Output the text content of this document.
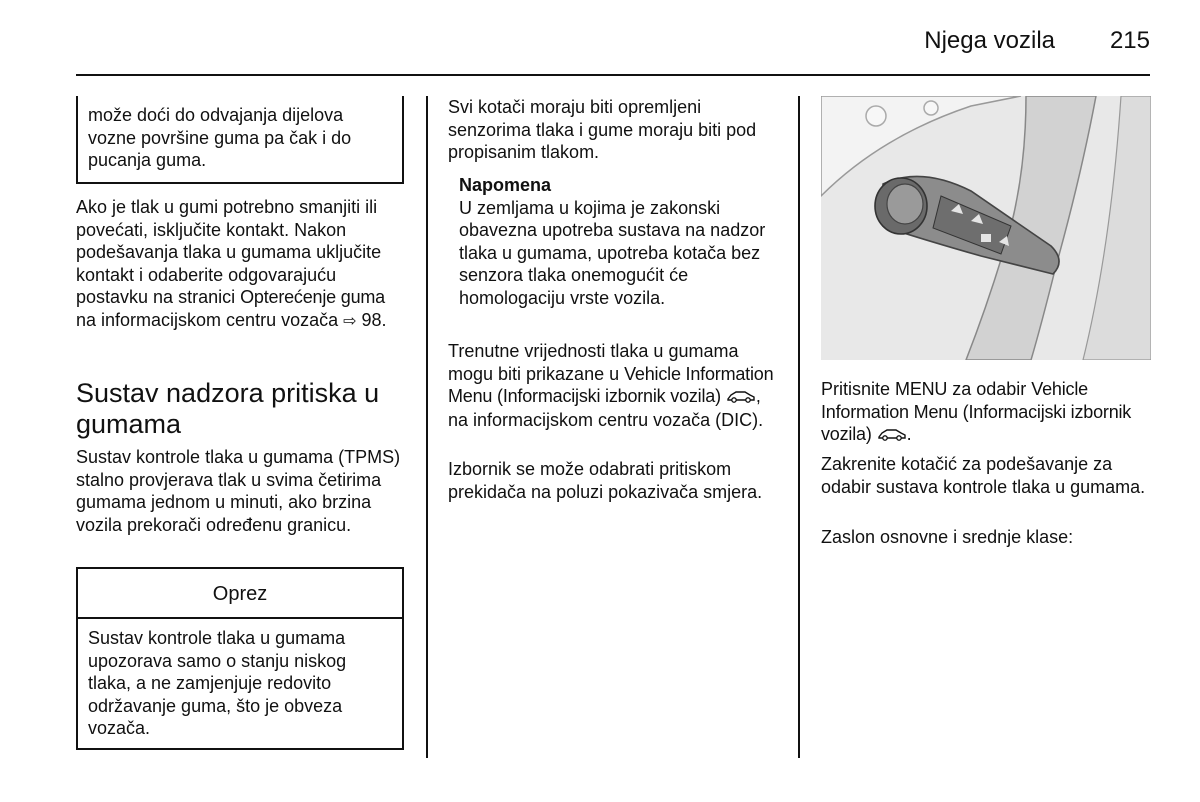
Njega vozila	215

može doći do odvajanja dijelova vozne površine guma pa čak i do pucanja guma.

Ako je tlak u gumi potrebno smanjiti ili povećati, isključite kontakt. Nakon podešavanja tlaka u gumama uključite kontakt i odaberite odgovarajuću postavku na stranici Opterećenje guma na informacijskom centru vozača ⇨ 98.

Sustav nadzora pritiska u gumama

Sustav kontrole tlaka u gumama (TPMS) stalno provjerava tlak u svima četirima gumama jednom u minuti, ako brzina vozila prekorači određenu granicu.

Oprez
Sustav kontrole tlaka u gumama upozorava samo o stanju niskog tlaka, a ne zamjenjuje redovito održavanje guma, što je obveza vozača.

Svi kotači moraju biti opremljeni senzorima tlaka i gume moraju biti pod propisanim tlakom.

Napomena
U zemljama u kojima je zakonski obavezna upotreba sustava na nadzor tlaka u gumama, upotreba kotača bez senzora tlaka onemogućit će homologaciju vrste vozila.

Trenutne vrijednosti tlaka u gumama mogu biti prikazane u Vehicle Information Menu (Informacijski izbornik vozila) , na informacijskom centru vozača (DIC).

Izbornik se može odabrati pritiskom prekidača na poluzi pokazivača smjera.

Pritisnite MENU za odabir Vehicle Information Menu (Informacijski izbornik vozila) .

Zakrenite kotačić za podešavanje za odabir sustava kontrole tlaka u gumama.

Zaslon osnovne i srednje klase:
